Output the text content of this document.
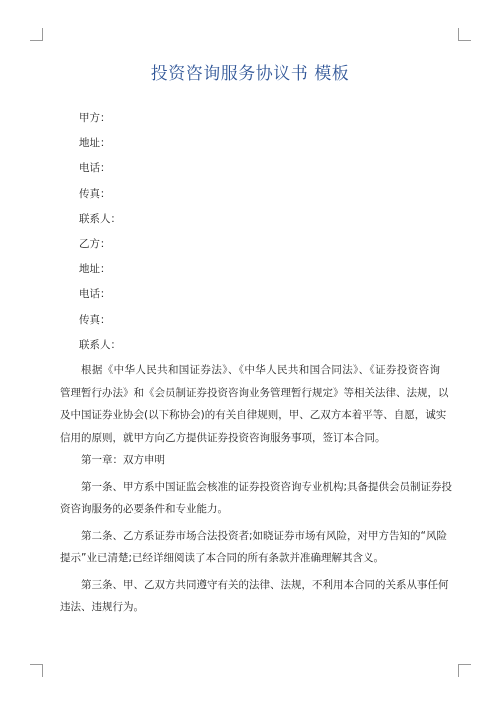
投资咨询服务协议书 模板
甲方：
地址：
电话：
传真：
联系人：
乙方：
地址：
电话：
传真：
联系人：

根据《中华人民共和国证券法》、《中华人民共和国合同法》、《证券投资咨询
管理暂行办法》和《会员制证券投资咨询业务管理暂行规定》等相关法律、法规，以
及中国证券业协会(以下称协会)的有关自律规则，甲、乙双方本着平等、自愿，诚实
信用的原则，就甲方向乙方提供证券投资咨询服务事项，签订本合同。

第一章：双方申明

第一条、甲方系中国证监会核准的证券投资咨询专业机构;具备提供会员制证券投
资咨询服务的必要条件和专业能力。

第二条、乙方系证券市场合法投资者;如晓证券市场有风险，对甲方告知的“风险
提示”业已清楚;已经详细阅读了本合同的所有条款并准确理解其含义。

第三条、甲、乙双方共同遵守有关的法律、法规，不利用本合同的关系从事任何
违法、违规行为。
